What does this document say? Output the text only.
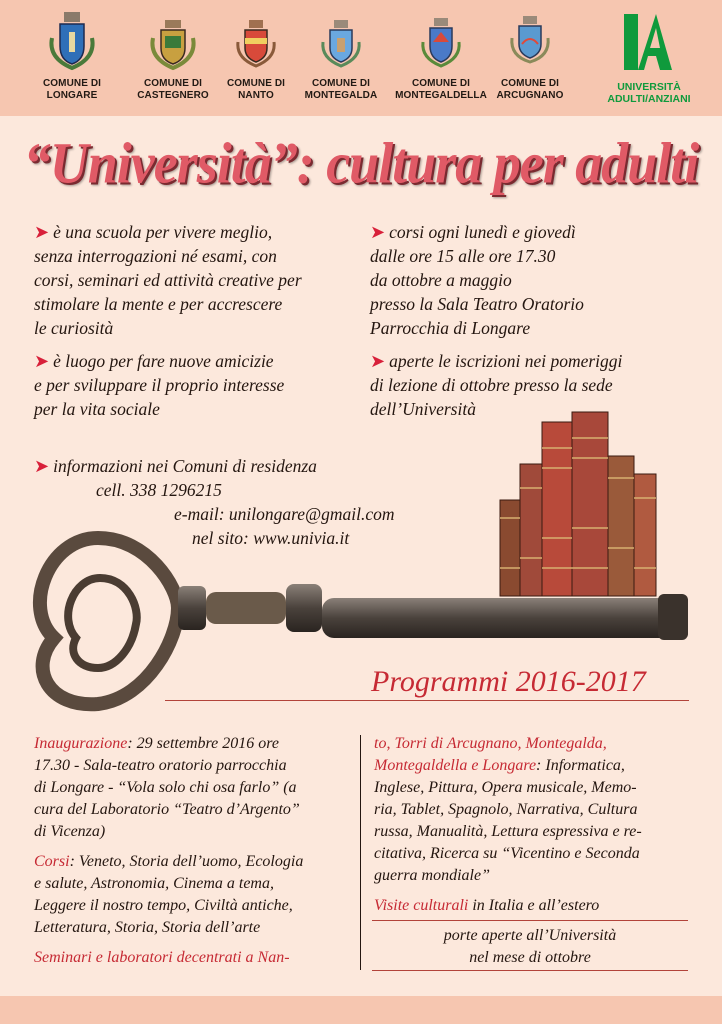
COMUNE DI
LONGARE
COMUNE DI
CASTEGNERO
COMUNE DI
NANTO
COMUNE DI
MONTEGALDA
COMUNE DI
MONTEGALDELLA
COMUNE DI
ARCUGNANO
UNIVERSITÀ
ADULTI/ANZIANI
“Università”: cultura per adulti
➤ è una scuola per vivere meglio,
senza interrogazioni né esami, con
corsi, seminari ed attività creative per
stimolare la mente e per accrescere
le curiosità
➤ è luogo per fare nuove amicizie
e per sviluppare il proprio interesse
per la vita sociale
➤ corsi ogni lunedì e giovedì
dalle ore 15 alle ore 17.30
da ottobre a maggio
presso la Sala Teatro Oratorio
Parrocchia di Longare
➤ aperte le iscrizioni nei pomeriggi
di lezione di ottobre presso la sede
dell’Università
➤ informazioni nei Comuni di residenza
cell. 338 1296215
e-mail: unilongare@gmail.com
nel sito: www.univia.it
Programmi 2016-2017
Inaugurazione: 29 settembre 2016 ore
17.30 - Sala-teatro oratorio parrocchia
di Longare - “Vola solo chi osa farlo” (a
cura del Laboratorio “Teatro d’Argento”
di Vicenza)
Corsi: Veneto, Storia dell’uomo, Ecologia
e salute, Astronomia, Cinema a tema,
Leggere il nostro tempo, Civiltà antiche,
Letteratura, Storia, Storia dell’arte
Seminari e laboratori decentrati a Nan-
to, Torri di Arcugnano, Montegalda,
Montegaldella e Longare: Informatica,
Inglese, Pittura, Opera musicale, Memo-
ria, Tablet, Spagnolo, Narrativa, Cultura
russa, Manualità, Lettura espressiva e re-
citativa, Ricerca su “Vicentino e Seconda
guerra mondiale”
Visite culturali in Italia e all’estero
porte aperte all’Università
nel mese di ottobre
